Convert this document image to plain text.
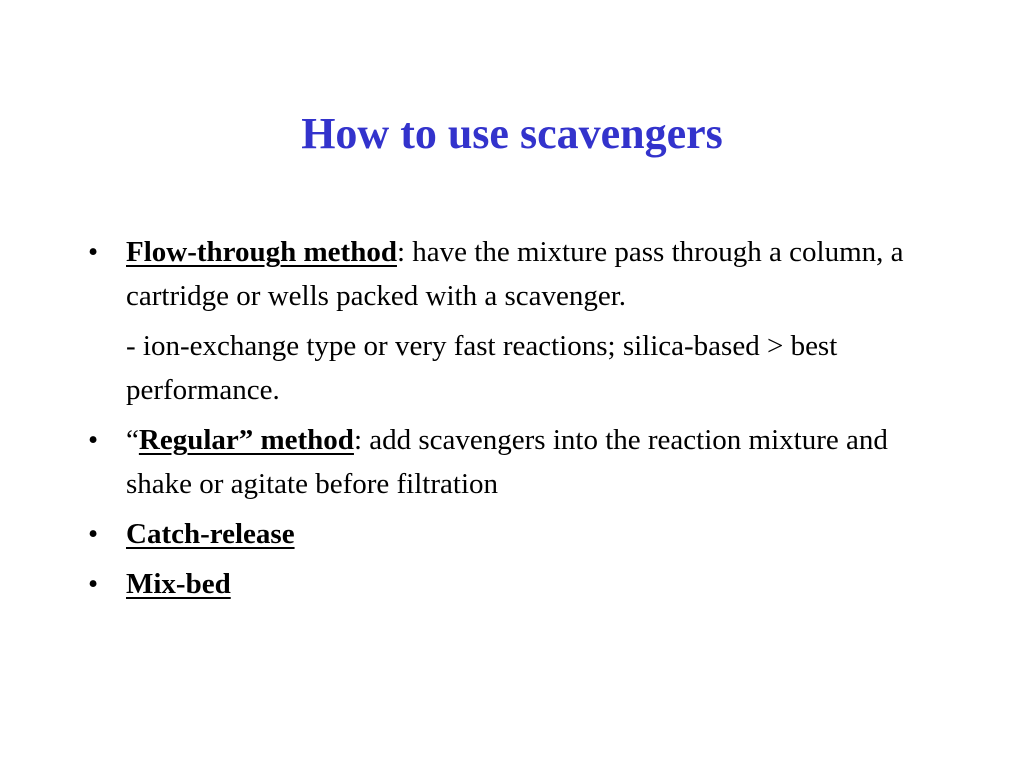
How to use scavengers
• Flow-through method: have the mixture pass through a column, a cartridge or wells packed with a scavenger.
- ion-exchange type or very fast reactions; silica-based > best performance.
• “Regular” method: add scavengers into the reaction mixture and shake or agitate before filtration
• Catch-release
• Mix-bed
